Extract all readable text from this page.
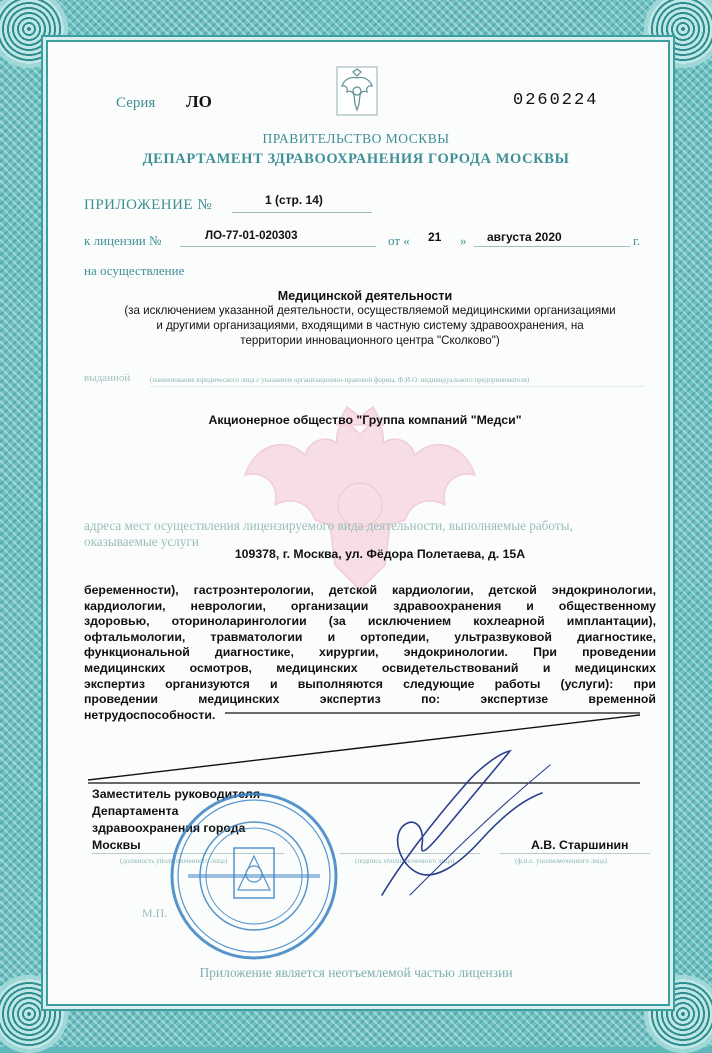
Серия ЛО	0260224
ПРАВИТЕЛЬСТВО МОСКВЫ
ДЕПАРТАМЕНТ ЗДРАВООХРАНЕНИЯ ГОРОДА МОСКВЫ
ПРИЛОЖЕНИЕ №	1 (стр. 14)
к лицензии №	ЛО-77-01-020303	от « 21 » августа 2020	г.
на осуществление
Медицинской деятельности
(за исключением указанной деятельности, осуществляемой медицинскими организациями
и другими организациями, входящими в частную систему здравоохранения, на
территории инновационного центра "Сколково")
выданной	(наименование юридического лица с указанием организационно-правовой формы, Ф.И.О. индивидуального предпринимателя)
Акционерное общество "Группа компаний "Медси"
адреса мест осуществления лицензируемого вида деятельности, выполняемые работы,
оказываемые услуги
109378, г. Москва, ул. Фёдора Полетаева, д. 15А
беременности), гастроэнтерологии, детской кардиологии, детской эндокринологии,
кардиологии, неврологии, организации здравоохранения и общественному
здоровью, оториноларингологии (за исключением кохлеарной имплантации),
офтальмологии, травматологии и ортопедии, ультразвуковой диагностике,
функциональной диагностике, хирургии, эндокринологии. При проведении
медицинских осмотров, медицинских освидетельствований и медицинских
экспертиз организуются и выполняются следующие работы (услуги): при
проведении медицинских экспертиз по: экспертизе временной
нетрудоспособности.
Заместитель руководителя
Департамента
здравоохранения города
Москвы	А.В. Старшинин
(должность уполномоченного лица)	(подпись уполномоченного лица)	(ф.и.о. уполномоченного лица)
М.П.
Приложение является неотъемлемой частью лицензии
